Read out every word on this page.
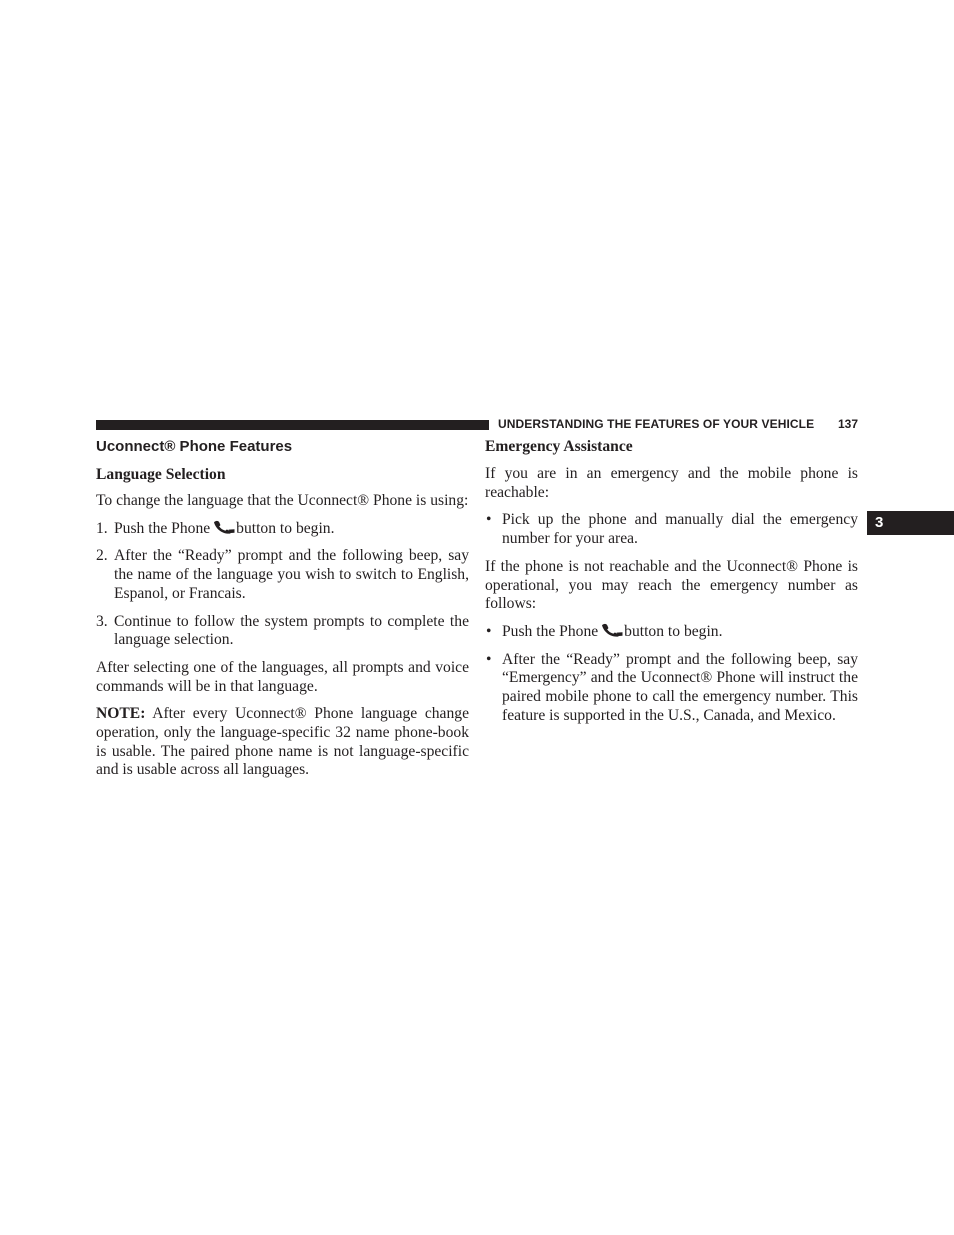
UNDERSTANDING THE FEATURES OF YOUR VEHICLE 137
3
Uconnect® Phone Features
Language Selection

To change the language that the Uconnect® Phone is using:

1. Push the Phone button to begin.
2. After the “Ready” prompt and the following beep, say the name of the language you wish to switch to English, Espanol, or Francais.
3. Continue to follow the system prompts to complete the language selection.

After selecting one of the languages, all prompts and voice commands will be in that language.

NOTE: After every Uconnect® Phone language change operation, only the language-specific 32 name phone-book is usable. The paired phone name is not language-specific and is usable across all languages.

Emergency Assistance

If you are in an emergency and the mobile phone is reachable:

• Pick up the phone and manually dial the emergency number for your area.

If the phone is not reachable and the Uconnect® Phone is operational, you may reach the emergency number as follows:

• Push the Phone button to begin.
• After the “Ready” prompt and the following beep, say “Emergency” and the Uconnect® Phone will instruct the paired mobile phone to call the emergency number. This feature is supported in the U.S., Canada, and Mexico.
